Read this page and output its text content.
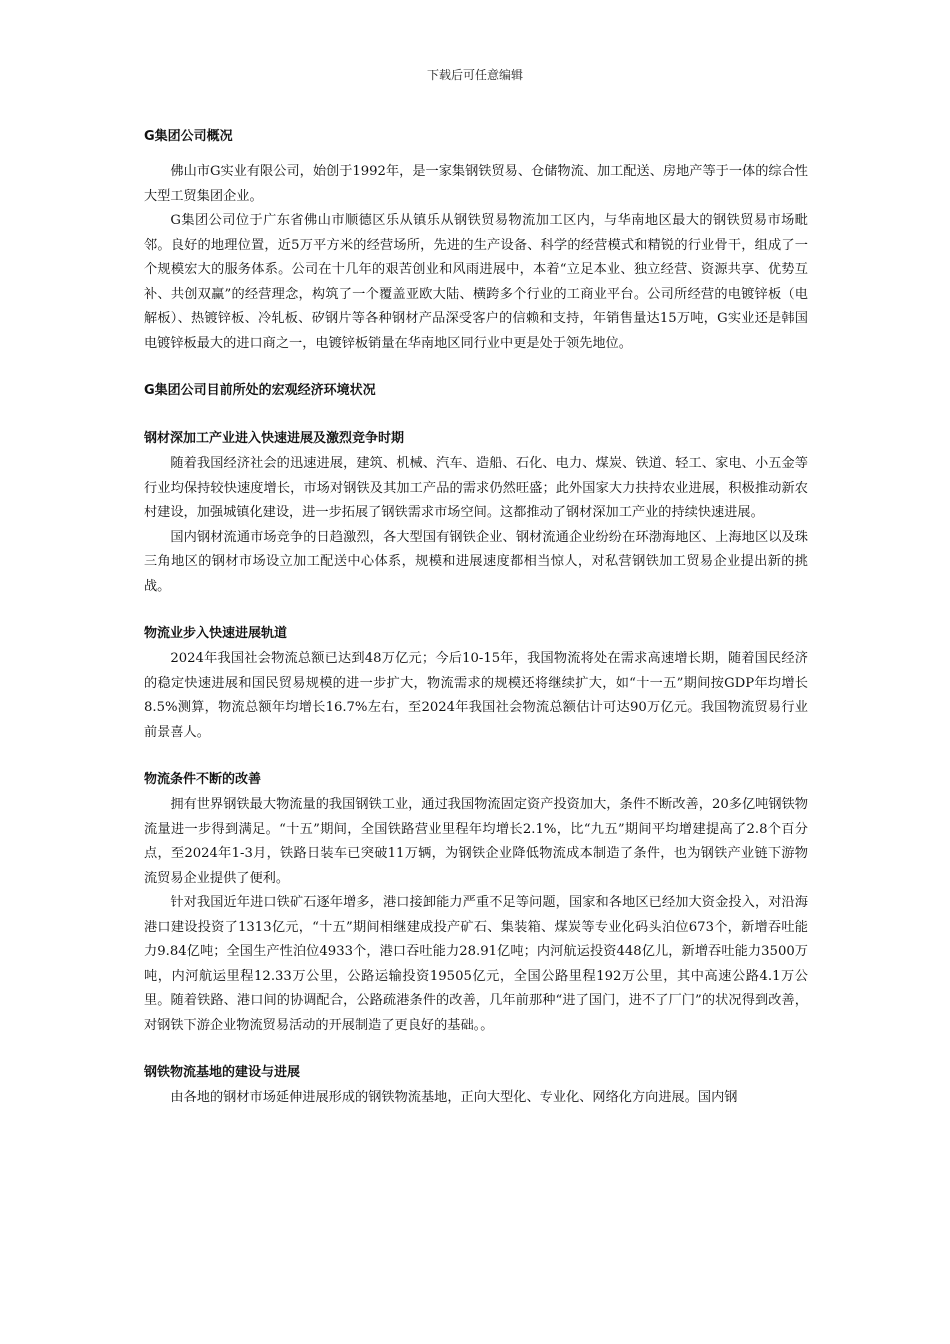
下载后可任意编辑
G集团公司概况

佛山市G实业有限公司，始创于1992年，是一家集钢铁贸易、仓储物流、加工配送、房地产等于一体的综合性大型工贸集团企业。

G集团公司位于广东省佛山市顺德区乐从镇乐从钢铁贸易物流加工区内，与华南地区最大的钢铁贸易市场毗邻。良好的地理位置，近5万平方米的经营场所，先进的生产设备、科学的经营模式和精锐的行业骨干，组成了一个规模宏大的服务体系。公司在十几年的艰苦创业和风雨进展中，本着“立足本业、独立经营、资源共享、优势互补、共创双赢”的经营理念，构筑了一个覆盖亚欧大陆、横跨多个行业的工商业平台。公司所经营的电镀锌板（电解板）、热镀锌板、冷轧板、矽钢片等各种钢材产品深受客户的信赖和支持，年销售量达15万吨，G实业还是韩国电镀锌板最大的进口商之一，电镀锌板销量在华南地区同行业中更是处于领先地位。

G集团公司目前所处的宏观经济环境状况
钢材深加工产业进入快速进展及激烈竞争时期

随着我国经济社会的迅速进展，建筑、机械、汽车、造船、石化、电力、煤炭、铁道、轻工、家电、小五金等行业均保持较快速度增长，市场对钢铁及其加工产品的需求仍然旺盛；此外国家大力扶持农业进展，积极推动新农村建设，加强城镇化建设，进一步拓展了钢铁需求市场空间。这都推动了钢材深加工产业的持续快速进展。

国内钢材流通市场竞争的日趋激烈，各大型国有钢铁企业、钢材流通企业纷纷在环渤海地区、上海地区以及珠三角地区的钢材市场设立加工配送中心体系，规模和进展速度都相当惊人，对私营钢铁加工贸易企业提出新的挑战。

物流业步入快速进展轨道

2024年我国社会物流总额已达到48万亿元；今后10-15年，我国物流将处在需求高速增长期，随着国民经济的稳定快速进展和国民贸易规模的进一步扩大，物流需求的规模还将继续扩大，如“十一五”期间按GDP年均增长8.5%测算，物流总额年均增长16.7%左右，至2024年我国社会物流总额估计可达90万亿元。我国物流贸易行业前景喜人。

物流条件不断的改善

拥有世界钢铁最大物流量的我国钢铁工业，通过我国物流固定资产投资加大，条件不断改善，20多亿吨钢铁物流量进一步得到满足。“十五”期间，全国铁路营业里程年均增长2.1%，比“九五”期间平均增建提高了2.8个百分点，至2024年1-3月，铁路日装车已突破11万辆，为钢铁企业降低物流成本制造了条件，也为钢铁产业链下游物流贸易企业提供了便利。

针对我国近年进口铁矿石逐年增多，港口接卸能力严重不足等问题，国家和各地区已经加大资金投入，对沿海港口建设投资了1313亿元，“十五”期间相继建成投产矿石、集装箱、煤炭等专业化码头泊位673个，新增吞吐能力9.84亿吨；全国生产性泊位4933个，港口吞吐能力28.91亿吨；内河航运投资448亿儿，新增吞吐能力3500万吨，内河航运里程12.33万公里，公路运输投资19505亿元，全国公路里程192万公里，其中高速公路4.1万公里。随着铁路、港口间的协调配合，公路疏港条件的改善，几年前那种“进了国门，进不了厂门”的状况得到改善，对钢铁下游企业物流贸易活动的开展制造了更良好的基础。。

钢铁物流基地的建设与进展

由各地的钢材市场延伸进展形成的钢铁物流基地，正向大型化、专业化、网络化方向进展。国内钢
